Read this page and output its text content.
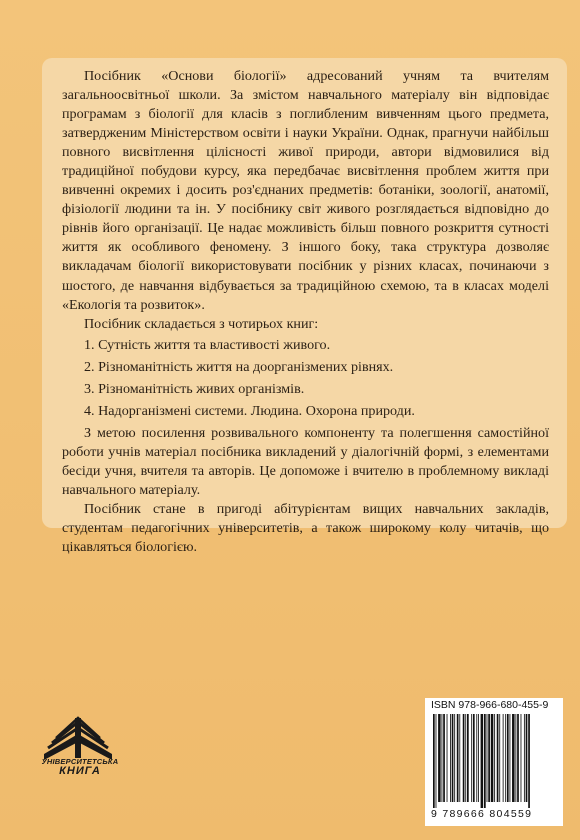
Посібник «Основи біології» адресований учням та вчителям загальноосвітньої школи. За змістом навчального матеріалу він відповідає програмам з біології для класів з поглибленим вивченням цього предмета, затвердженим Міністерством освіти і науки України. Однак, прагнучи найбільш повного висвітлення цілісності живої природи, автори відмовилися від традиційної побудови курсу, яка передбачає висвітлення проблем життя при вивченні окремих і досить роз'єднаних предметів: ботаніки, зоології, анатомії, фізіології людини та ін. У посібнику світ живого розглядається відповідно до рівнів його організації. Це надає можливість більш повного розкриття сутності життя як особливого феномену. З іншого боку, така структура дозволяє викладачам біології використовувати посібник у різних класах, починаючи з шостого, де навчання відбувається за традиційною схемою, та в класах моделі «Екологія та розвиток».

Посібник складається з чотирьох книг:

1. Сутність життя та властивості живого.
2. Різноманітність життя на доорганізмених рівнях.
3. Різноманітність живих організмів.
4. Надорганізмені системи. Людина. Охорона природи.

З метою посилення розвивального компоненту та полегшення самостійної роботи учнів матеріал посібника викладений у діалогічній формі, з елементами бесіди учня, вчителя та авторів. Це допоможе і вчителю в проблемному викладі навчального матеріалу.

Посібник стане в пригоді абітурієнтам вищих навчальних закладів, студентам педагогічних університетів, а також широкому колу читачів, що цікавляться біологією.

УНІВЕРСИТЕТСЬКА
КНИГА
ISBN 978-966-680-455-9
9 789666 804559
